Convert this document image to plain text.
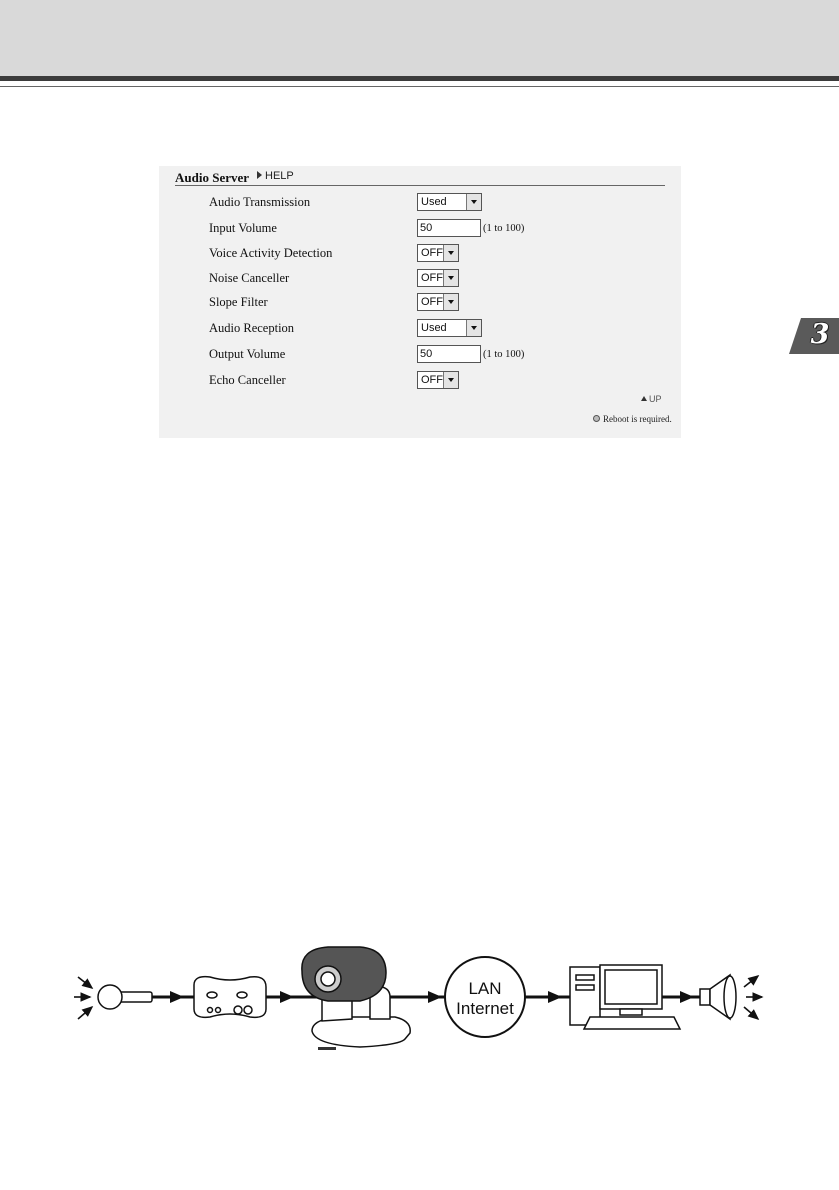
3
Audio Server	HELP
Audio Transmission	Used
Input Volume	50	(1 to 100)
Voice Activity Detection	OFF
Noise Canceller	OFF
Slope Filter	OFF
Audio Reception	Used
Output Volume	50	(1 to 100)
Echo Canceller	OFF
UP
Reboot is required.
LAN
Internet
